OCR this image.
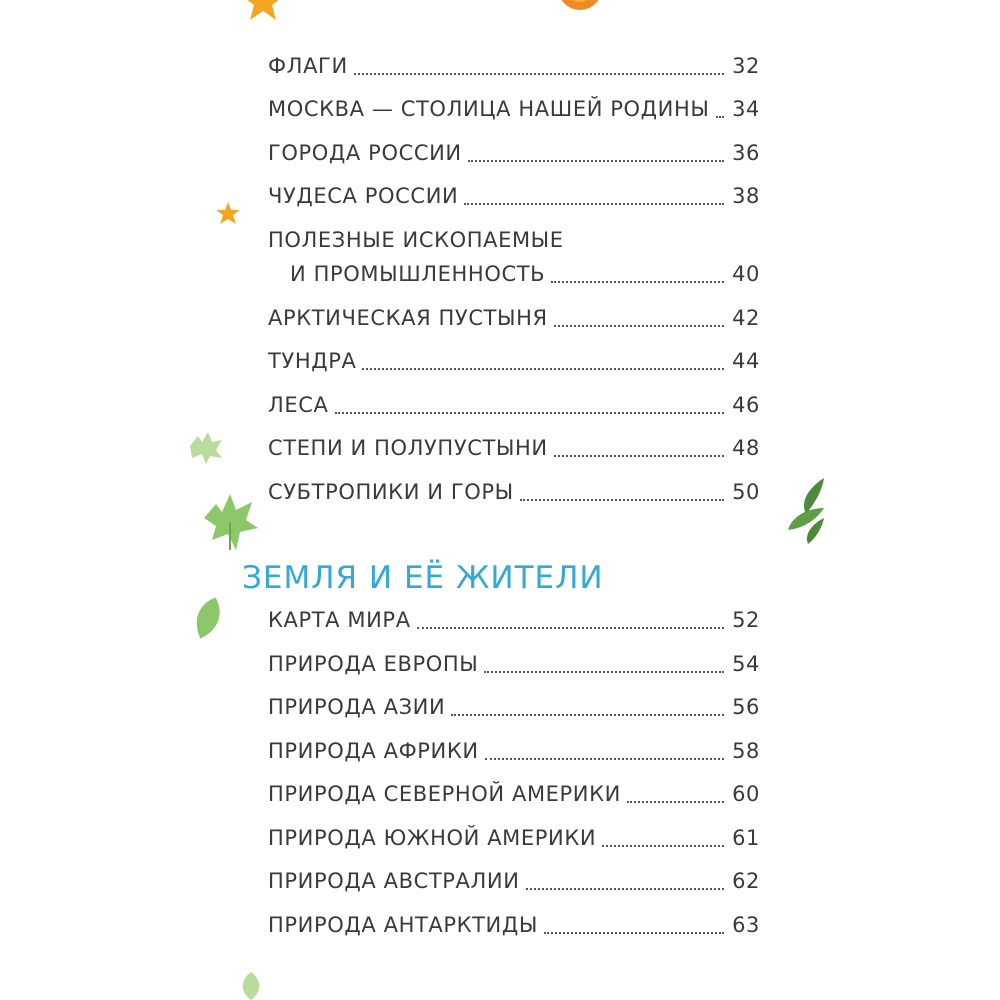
ФЛАГИ	32
МОСКВА — СТОЛИЦА НАШЕЙ РОДИНЫ 34
ГОРОДА РОССИИ	36
ЧУДЕСА РОССИИ	38
ПОЛЕЗНЫЕ ИСКОПАЕМЫЕ
И ПРОМЫШЛЕННОСТЬ	40
АРКТИЧЕСКАЯ ПУСТЫНЯ	42
ТУНДРА	44
ЛЕСА	46
СТЕПИ И ПОЛУПУСТЫНИ	48
СУБТРОПИКИ И ГОРЫ	50
ЗЕМЛЯ И ЕЁ ЖИТЕЛИ
КАРТА МИРА	52
ПРИРОДА ЕВРОПЫ	54
ПРИРОДА АЗИИ	56
ПРИРОДА АФРИКИ	58
ПРИРОДА СЕВЕРНОЙ АМЕРИКИ	60
ПРИРОДА ЮЖНОЙ АМЕРИКИ	61
ПРИРОДА АВСТРАЛИИ	62
ПРИРОДА АНТАРКТИДЫ	63
